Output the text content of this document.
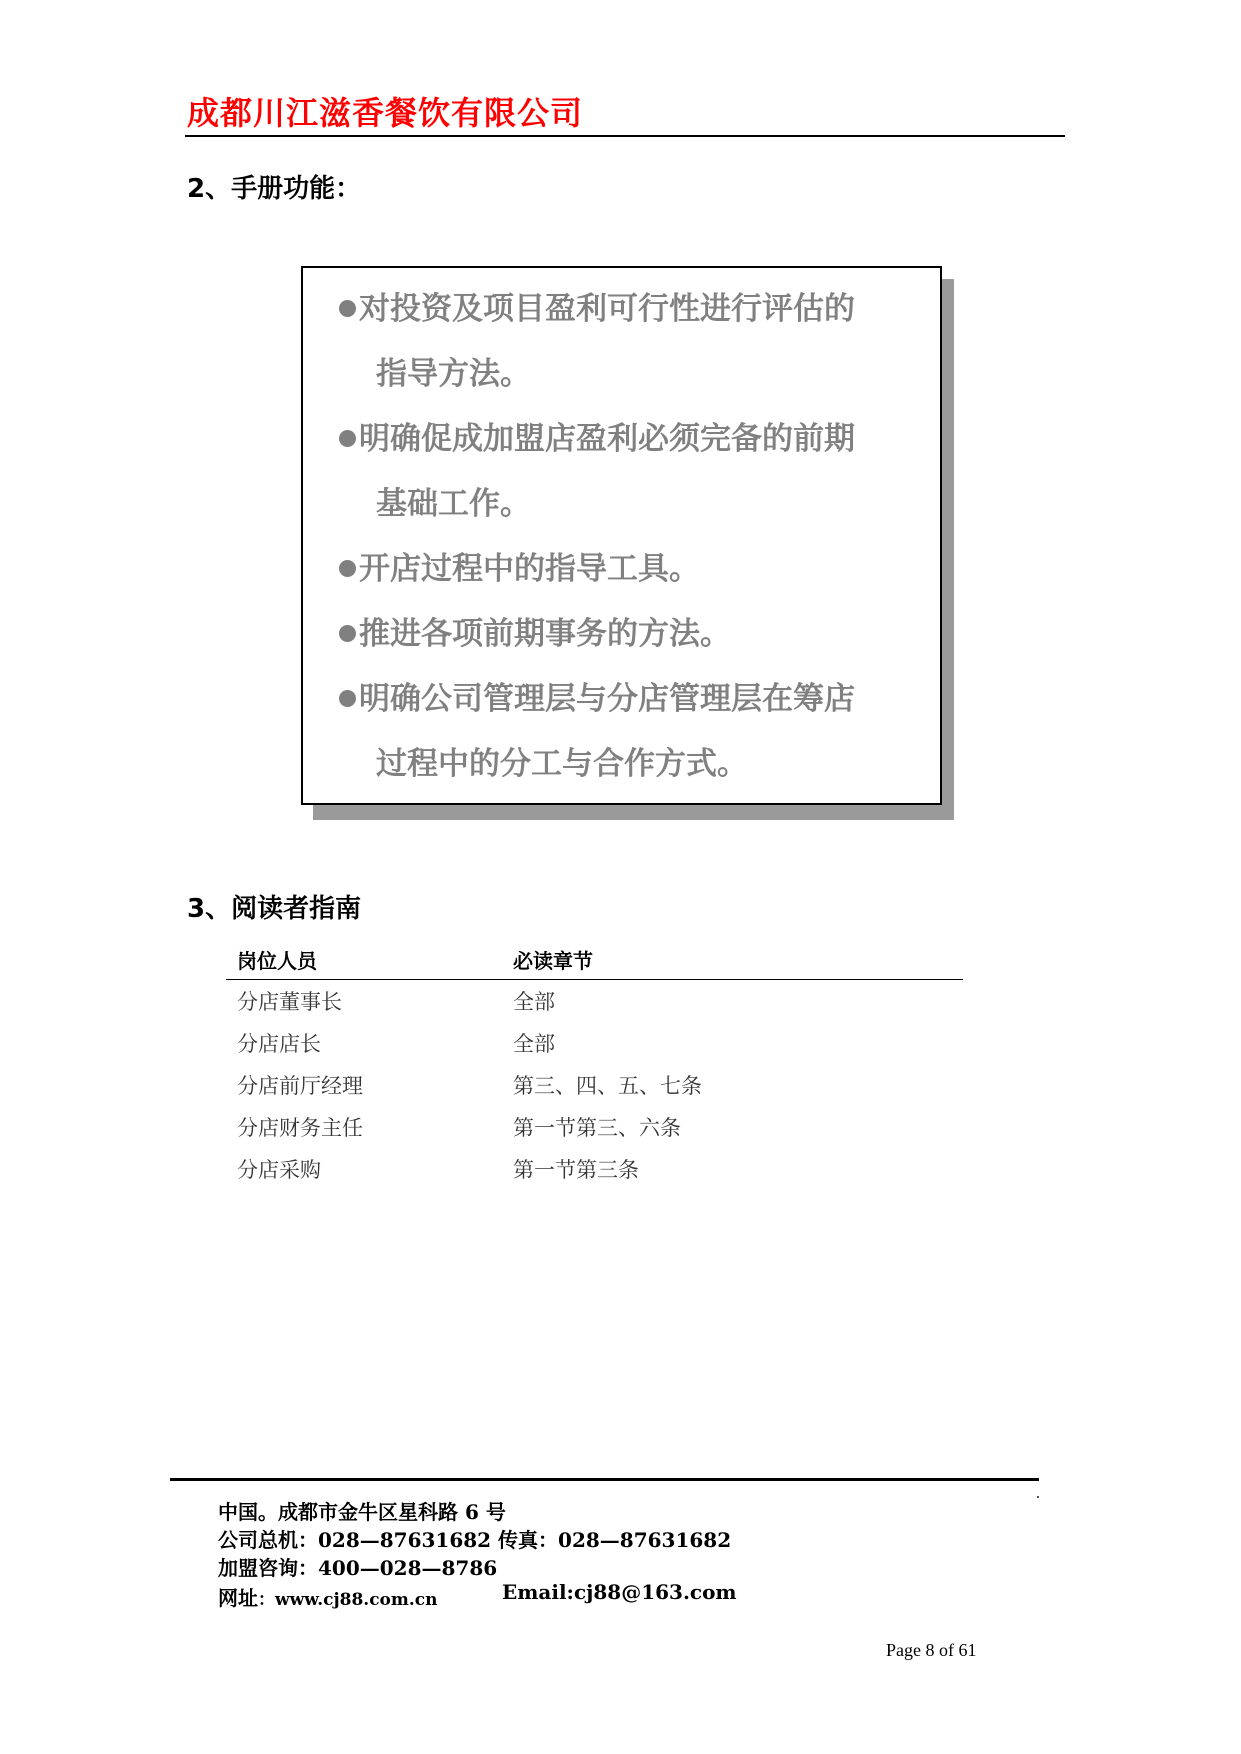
成都川江滋香餐饮有限公司
2、手册功能：
对投资及项目盈利可行性进行评估的
指导方法。
明确促成加盟店盈利必须完备的前期
基础工作。
开店过程中的指导工具。
推进各项前期事务的方法。
明确公司管理层与分店管理层在筹店
过程中的分工与合作方式。
3、阅读者指南
岗位人员	必读章节
分店董事长	全部
分店店长	全部
分店前厅经理	第三、四、五、七条
分店财务主任	第一节第三、六条
分店采购	第一节第三条
中国。成都市金牛区星科路 6 号
公司总机：028—87631682 传真：028—87631682
加盟咨询：400—028—8786
网址：www.cj88.com.cn	Email:cj88@163.com
Page 8 of 61
